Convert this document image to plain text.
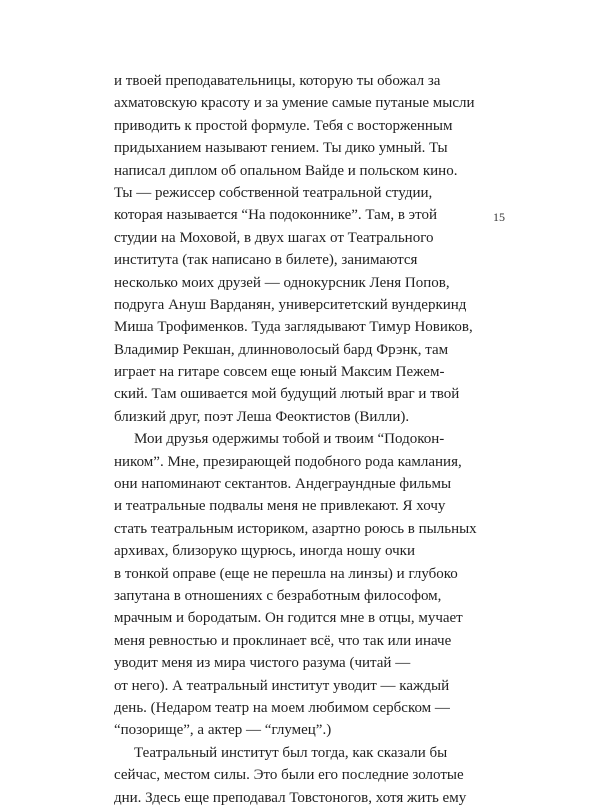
и твоей преподавательницы, которую ты обожал за
ахматовскую красоту и за умение самые путаные мысли
приводить к простой формуле. Тебя с восторженным
придыханием называют гением. Ты дико умный. Ты
написал диплом об опальном Вайде и польском кино.
Ты — режиссер собственной театральной студии,
которая называется “На подоконнике”. Там, в этой
студии на Моховой, в двух шагах от Театрального
института (так написано в билете), занимаются
несколько моих друзей — однокурсник Леня Попов,
подруга Ануш Варданян, университетский вундеркинд
Миша Трофименков. Туда заглядывают Тимур Новиков,
Владимир Рекшан, длинноволосый бард Фрэнк, там
играет на гитаре совсем еще юный Максим Пежем-
ский. Там ошивается мой будущий лютый враг и твой
близкий друг, поэт Леша Феоктистов (Вилли).
Мои друзья одержимы тобой и твоим “Подокон-
ником”. Мне, презирающей подобного рода камлания,
они напоминают сектантов. Андеграундные фильмы
и театральные подвалы меня не привлекают. Я хочу
стать театральным историком, азартно роюсь в пыльных
архивах, близоруко щурюсь, иногда ношу очки
в тонкой оправе (еще не перешла на линзы) и глубоко
запутана в отношениях с безработным философом,
мрачным и бородатым. Он годится мне в отцы, мучает
меня ревностью и проклинает всё, что так или иначе
уводит меня из мира чистого разума (читай —
от него). А театральный институт уводит — каждый
день. (Недаром театр на моем любимом сербском —
“позорище”, а актер — “глумец”.)
Театральный институт был тогда, как сказали бы
сейчас, местом силы. Это были его последние золотые
дни. Здесь еще преподавал Товстоногов, хотя жить ему
15
